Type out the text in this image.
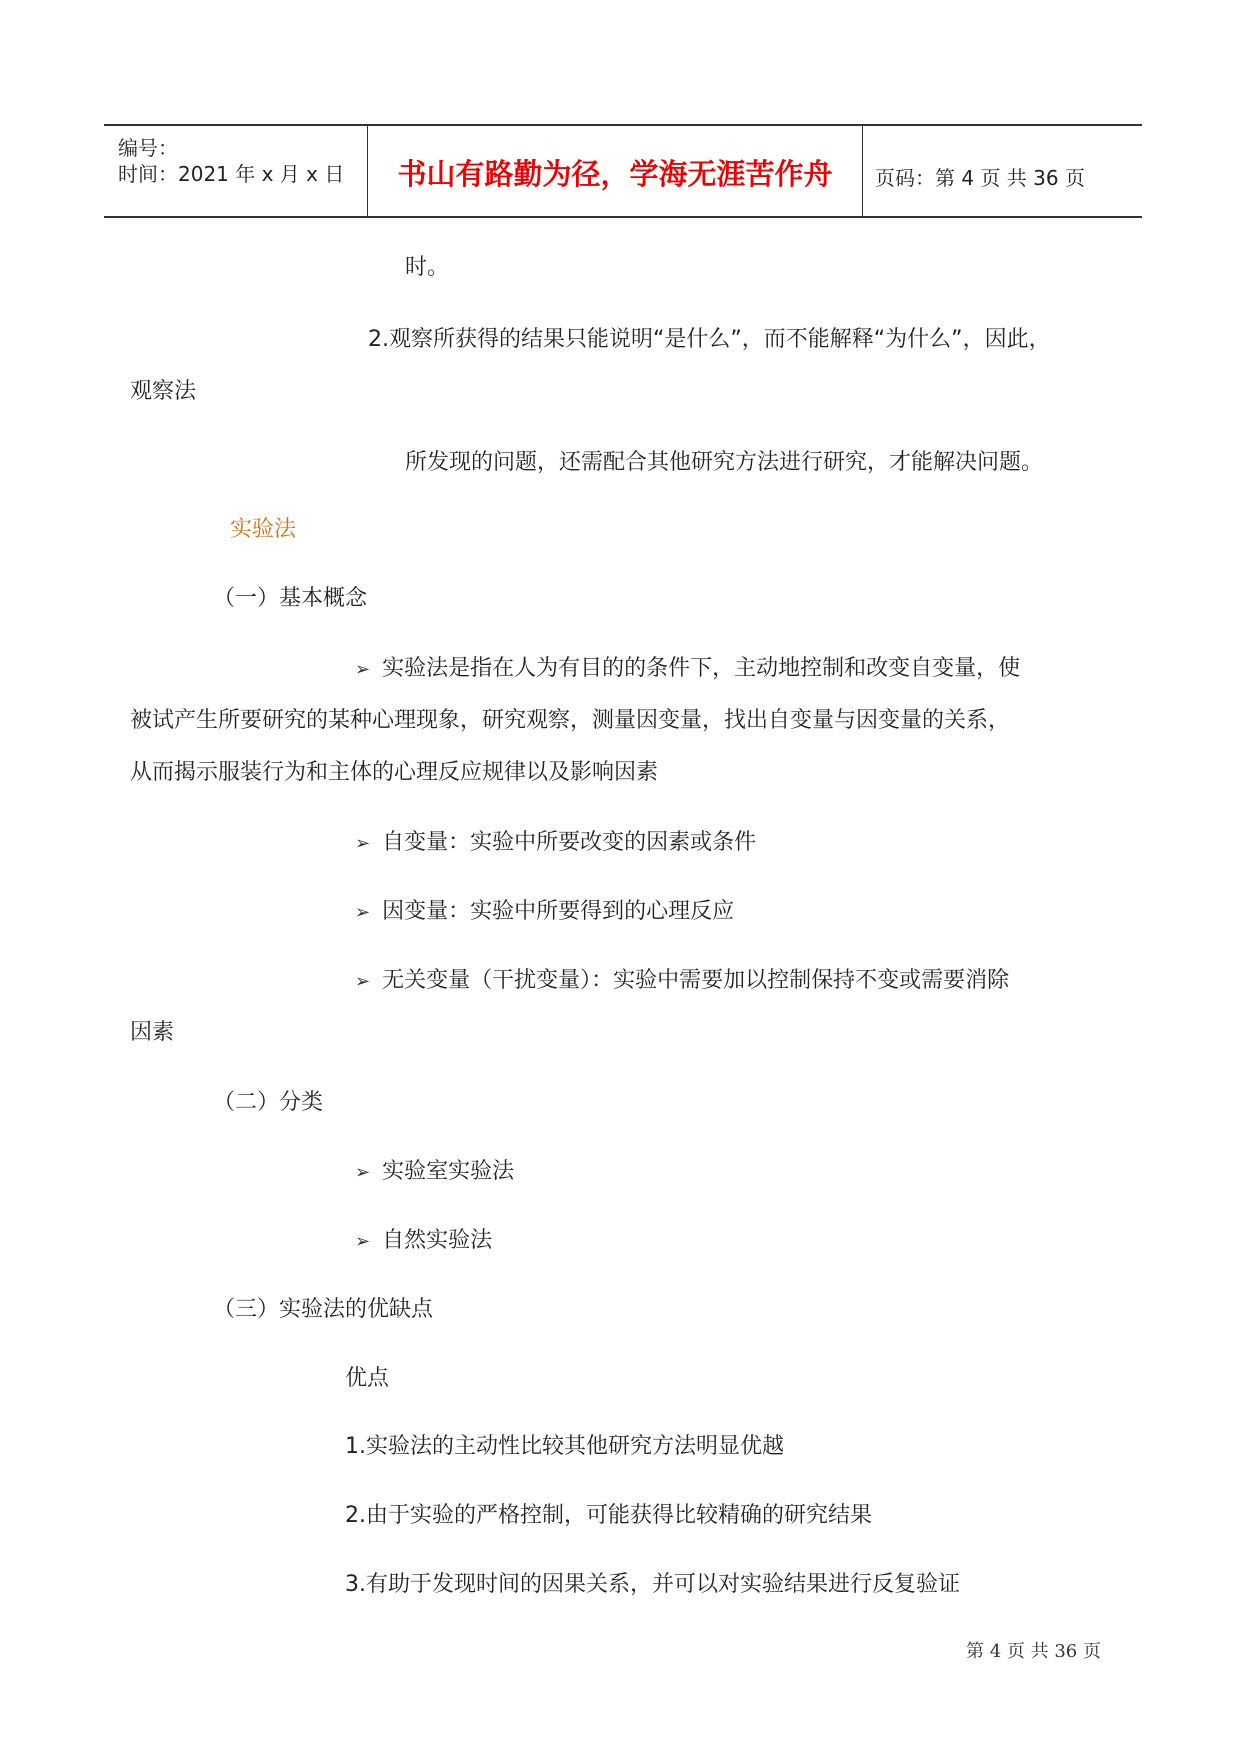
编号：
时间：2021 年 x 月 x 日	书山有路勤为径，学海无涯苦作舟	页码：第 4 页 共 36 页
时。
2.观察所获得的结果只能说明“是什么”，而不能解释“为什么”，因此，
观察法
所发现的问题，还需配合其他研究方法进行研究，才能解决问题。
实验法
（一）基本概念
➢ 实验法是指在人为有目的的条件下，主动地控制和改变自变量，使
被试产生所要研究的某种心理现象，研究观察，测量因变量，找出自变量与因变量的关系，
从而揭示服装行为和主体的心理反应规律以及影响因素
➢ 自变量：实验中所要改变的因素或条件
➢ 因变量：实验中所要得到的心理反应
➢ 无关变量（干扰变量）：实验中需要加以控制保持不变或需要消除
因素
（二）分类
➢ 实验室实验法
➢ 自然实验法
（三）实验法的优缺点
优点
1.实验法的主动性比较其他研究方法明显优越
2.由于实验的严格控制，可能获得比较精确的研究结果
3.有助于发现时间的因果关系，并可以对实验结果进行反复验证
第 4 页 共 36 页
